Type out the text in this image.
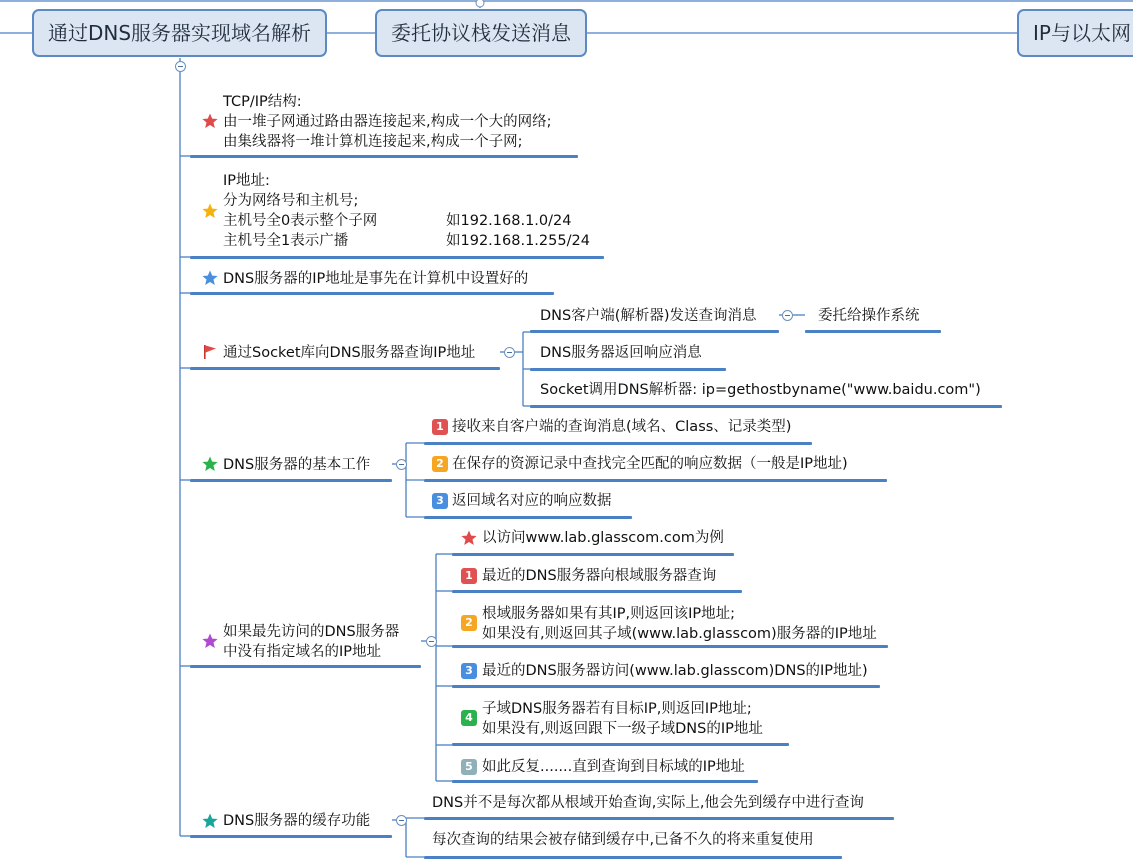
通过DNS服务器实现域名解析	委托协议栈发送消息	IP与以太网
TCP/IP结构:
由一堆子网通过路由器连接起来,构成一个大的网络;
由集线器将一堆计算机连接起来,构成一个子网;
IP地址:
分为网络号和主机号;
主机号全0表示整个子网	如192.168.1.0/24
主机号全1表示广播	如192.168.1.255/24
DNS服务器的IP地址是事先在计算机中设置好的
通过Socket库向DNS服务器查询IP地址
DNS客户端(解析器)发送查询消息	委托给操作系统
DNS服务器返回响应消息
Socket调用DNS解析器: ip=gethostbyname("www.baidu.com")
DNS服务器的基本工作
1 接收来自客户端的查询消息(域名、Class、记录类型)
2 在保存的资源记录中查找完全匹配的响应数据（一般是IP地址)
3 返回域名对应的响应数据
如果最先访问的DNS服务器
中没有指定域名的IP地址
以访问www.lab.glasscom.com为例
1 最近的DNS服务器向根域服务器查询
2
根域服务器如果有其IP,则返回该IP地址;
如果没有,则返回其子域(www.lab.glasscom)服务器的IP地址
3 最近的DNS服务器访问(www.lab.glasscom)DNS的IP地址)
4
子域DNS服务器若有目标IP,则返回IP地址;
如果没有,则返回跟下一级子域DNS的IP地址
5 如此反复.......直到查询到目标域的IP地址
DNS服务器的缓存功能
DNS并不是每次都从根域开始查询,实际上,他会先到缓存中进行查询
每次查询的结果会被存储到缓存中,已备不久的将来重复使用
